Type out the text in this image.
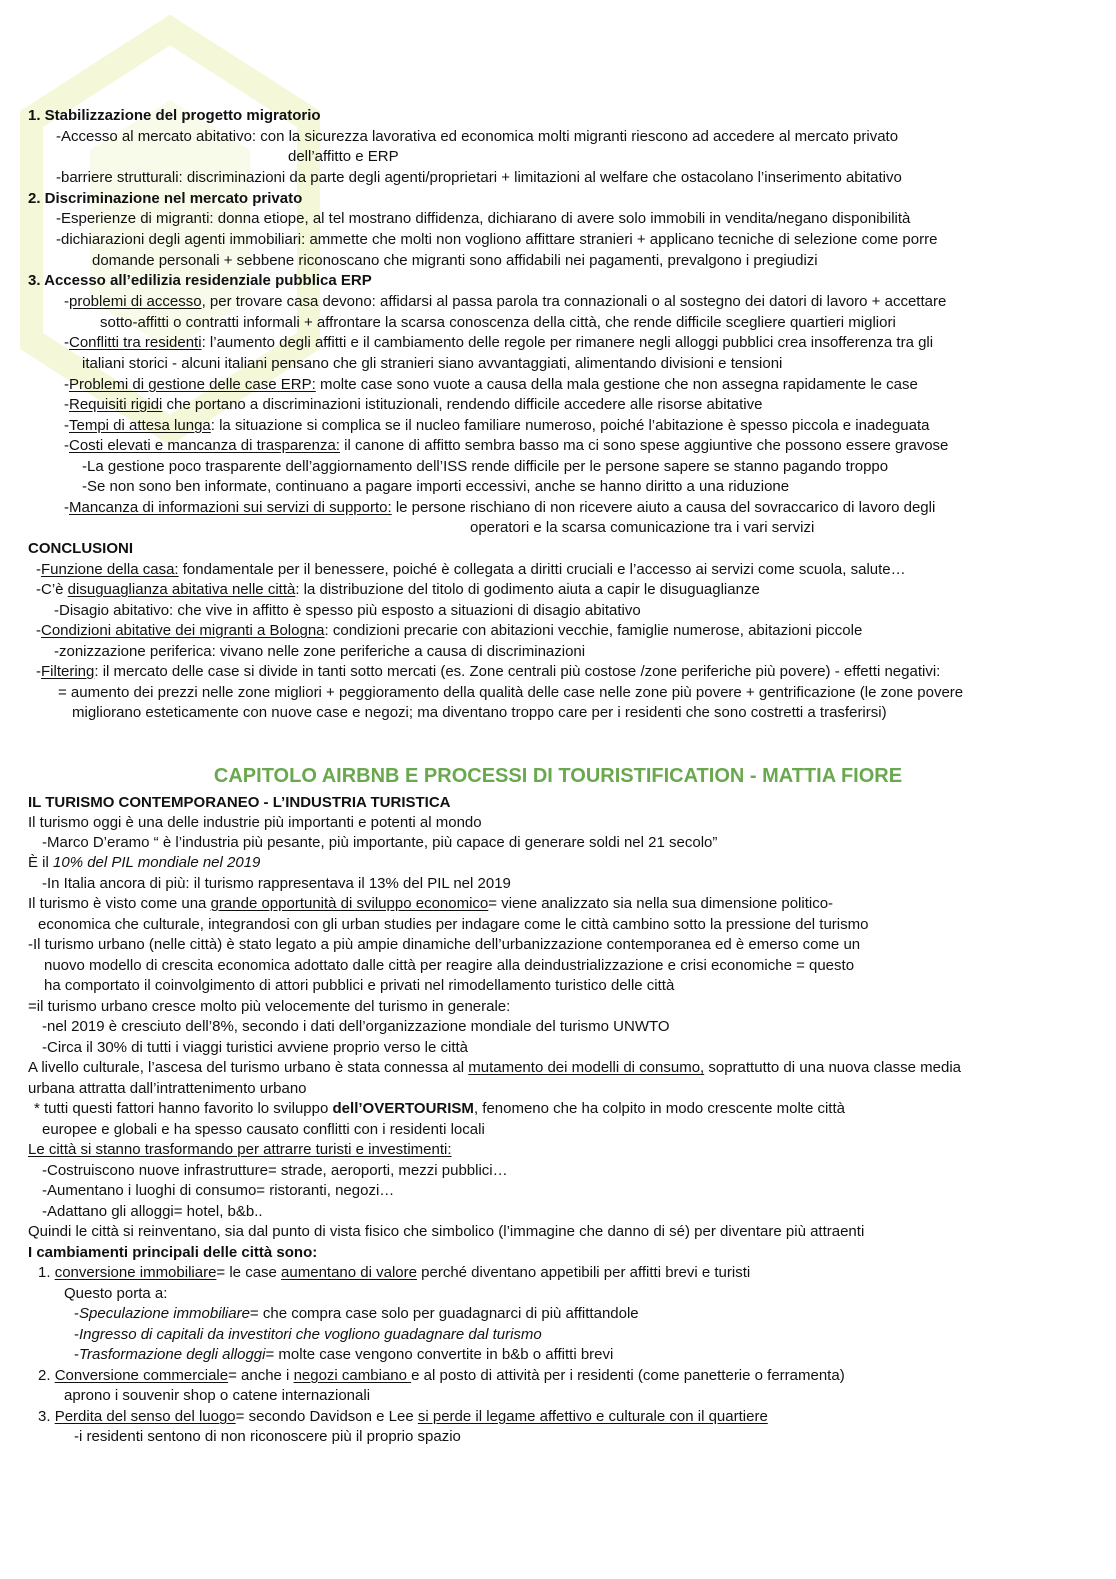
1. Stabilizzazione del progetto migratorio
-Accesso al mercato abitativo: con la sicurezza lavorativa ed economica molti migranti riescono ad accedere al mercato privato
dell’affitto e ERP
-barriere strutturali: discriminazioni da parte degli agenti/proprietari + limitazioni al welfare che ostacolano l’inserimento abitativo
2. Discriminazione nel mercato privato
-Esperienze di migranti: donna etiope, al tel mostrano diffidenza, dichiarano di avere solo immobili in vendita/negano disponibilità
-dichiarazioni degli agenti immobiliari: ammette che molti non vogliono affittare stranieri + applicano tecniche di selezione come porre
domande personali + sebbene riconoscano che migranti sono affidabili nei pagamenti, prevalgono i pregiudizi
3. Accesso all’edilizia residenziale pubblica ERP
-problemi di accesso, per trovare casa devono: affidarsi al passa parola tra connazionali o al sostegno dei datori di lavoro + accettare
sotto-affitti o contratti informali + affrontare la scarsa conoscenza della città, che rende difficile scegliere quartieri migliori
-Conflitti tra residenti: l’aumento degli affitti e il cambiamento delle regole per rimanere negli alloggi pubblici crea insofferenza tra gli
italiani storici - alcuni italiani pensano che gli stranieri siano avvantaggiati, alimentando divisioni e tensioni
-Problemi di gestione delle case ERP: molte case sono vuote a causa della mala gestione che non assegna rapidamente le case
-Requisiti rigidi che portano a discriminazioni istituzionali, rendendo difficile accedere alle risorse abitative
-Tempi di attesa lunga: la situazione si complica se il nucleo familiare numeroso, poiché l’abitazione è spesso piccola e inadeguata
-Costi elevati e mancanza di trasparenza: il canone di affitto sembra basso ma ci sono spese aggiuntive che possono essere gravose
-La gestione poco trasparente dell’aggiornamento dell’ISS rende difficile per le persone sapere se stanno pagando troppo
-Se non sono ben informate, continuano a pagare importi eccessivi, anche se hanno diritto a una riduzione
-Mancanza di informazioni sui servizi di supporto: le persone rischiano di non ricevere aiuto a causa del sovraccarico di lavoro degli
operatori e la scarsa comunicazione tra i vari servizi
CONCLUSIONI
-Funzione della casa: fondamentale per il benessere, poiché è collegata a diritti cruciali e l’accesso ai servizi come scuola, salute…
-C’è disuguaglianza abitativa nelle città: la distribuzione del titolo di godimento aiuta a capir le disuguaglianze
-Disagio abitativo: che vive in affitto è spesso più esposto a situazioni di disagio abitativo
-Condizioni abitative dei migranti a Bologna: condizioni precarie con abitazioni vecchie, famiglie numerose, abitazioni piccole
-zonizzazione periferica: vivano nelle zone periferiche a causa di discriminazioni
-Filtering: il mercato delle case si divide in tanti sotto mercati (es. Zone centrali più costose /zone periferiche più povere) - effetti negativi:
= aumento dei prezzi nelle zone migliori + peggioramento della qualità delle case nelle zone più povere + gentrificazione (le zone povere
migliorano esteticamente con nuove case e negozi; ma diventano troppo care per i residenti che sono costretti a trasferirsi)
CAPITOLO AIRBNB E PROCESSI DI TOURISTIFICATION - MATTIA FIORE
IL TURISMO CONTEMPORANEO - L’INDUSTRIA TURISTICA
Il turismo oggi è una delle industrie più importanti e potenti al mondo
-Marco D’eramo “ è l’industria più pesante, più importante, più capace di generare soldi nel 21 secolo”
È il 10% del PIL mondiale nel 2019
-In Italia ancora di più: il turismo rappresentava il 13% del PIL nel 2019
Il turismo è visto come una grande opportunità di sviluppo economico= viene analizzato sia nella sua dimensione politico-
economica che culturale, integrandosi con gli urban studies per indagare come le città cambino sotto la pressione del turismo
-Il turismo urbano (nelle città) è stato legato a più ampie dinamiche dell’urbanizzazione contemporanea ed è emerso come un
nuovo modello di crescita economica adottato dalle città per reagire alla deindustrializzazione e crisi economiche = questo
ha comportato il coinvolgimento di attori pubblici e privati nel rimodellamento turistico delle città
=il turismo urbano cresce molto più velocemente del turismo in generale:
-nel 2019 è cresciuto dell’8%, secondo i dati dell’organizzazione mondiale del turismo UNWTO
-Circa il 30% di tutti i viaggi turistici avviene proprio verso le città
A livello culturale, l’ascesa del turismo urbano è stata connessa al mutamento dei modelli di consumo, soprattutto di una nuova classe media
urbana attratta dall’intrattenimento urbano
* tutti questi fattori hanno favorito lo sviluppo dell’OVERTOURISM, fenomeno che ha colpito in modo crescente molte città
europee e globali e ha spesso causato conflitti con i residenti locali
Le città si stanno trasformando per attrarre turisti e investimenti:
-Costruiscono nuove infrastrutture= strade, aeroporti, mezzi pubblici…
-Aumentano i luoghi di consumo= ristoranti, negozi…
-Adattano gli alloggi= hotel, b&b..
Quindi le città si reinventano, sia dal punto di vista fisico che simbolico (l’immagine che danno di sé) per diventare più attraenti
I cambiamenti principali delle città sono:
1. conversione immobiliare= le case aumentano di valore perché diventano appetibili per affitti brevi e turisti
Questo porta a:
-Speculazione immobiliare= che compra case solo per guadagnarci di più affittandole
-Ingresso di capitali da investitori che vogliono guadagnare dal turismo
-Trasformazione degli alloggi= molte case vengono convertite in b&b o affitti brevi
2. Conversione commerciale= anche i negozi cambiano e al posto di attività per i residenti (come panetterie o ferramenta)
aprono i souvenir shop o catene internazionali
3. Perdita del senso del luogo= secondo Davidson e Lee si perde il legame affettivo e culturale con il quartiere
-i residenti sentono di non riconoscere più il proprio spazio
